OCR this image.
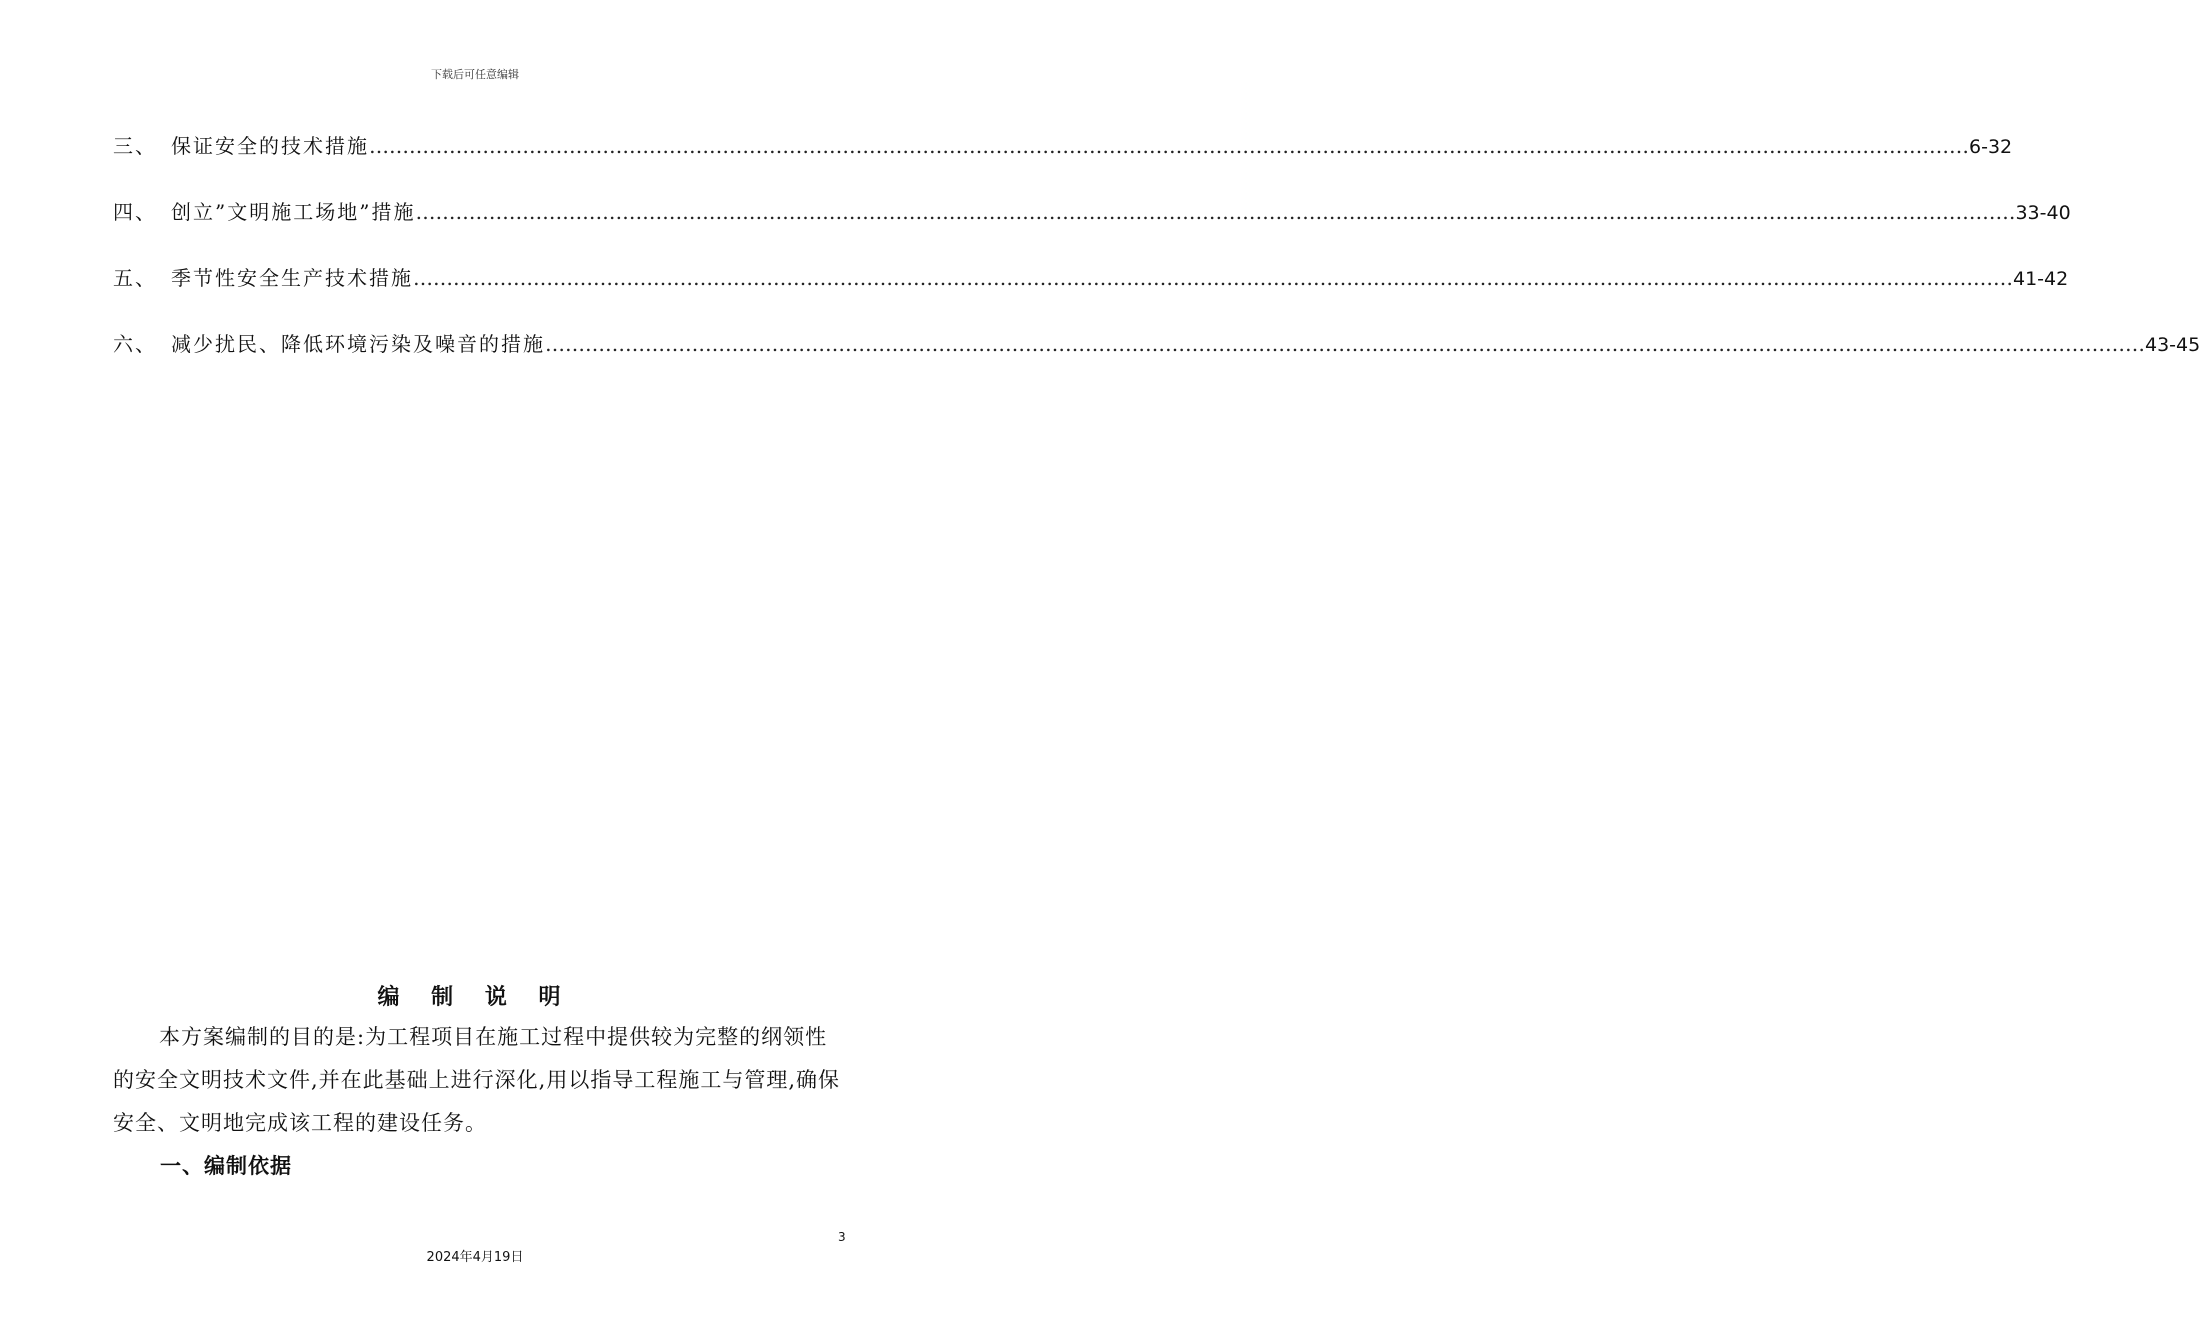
下载后可任意编辑
三、 保证安全的技术措施 …………………………………………………………………………………………………………………………………………………………………………………………………………………… 6-32
四、 创立”文明施工场地”措施 …………………………………………………………………………………………………………………………………………………………………………………………………………………… 33-40
五、 季节性安全生产技术措施 …………………………………………………………………………………………………………………………………………………………………………………………………………………… 41-42
六、 减少扰民、降低环境污染及噪音的措施 …………………………………………………………………………………………………………………………………………………………………………………………………………………… 43-45
编 制 说 明
本方案编制的目的是:为工程项目在施工过程中提供较为完整的纲领性的安全文明技术文件,并在此基础上进行深化,用以指导工程施工与管理,确保安全、文明地完成该工程的建设任务。
一、编制依据
3
2024年4月19日
